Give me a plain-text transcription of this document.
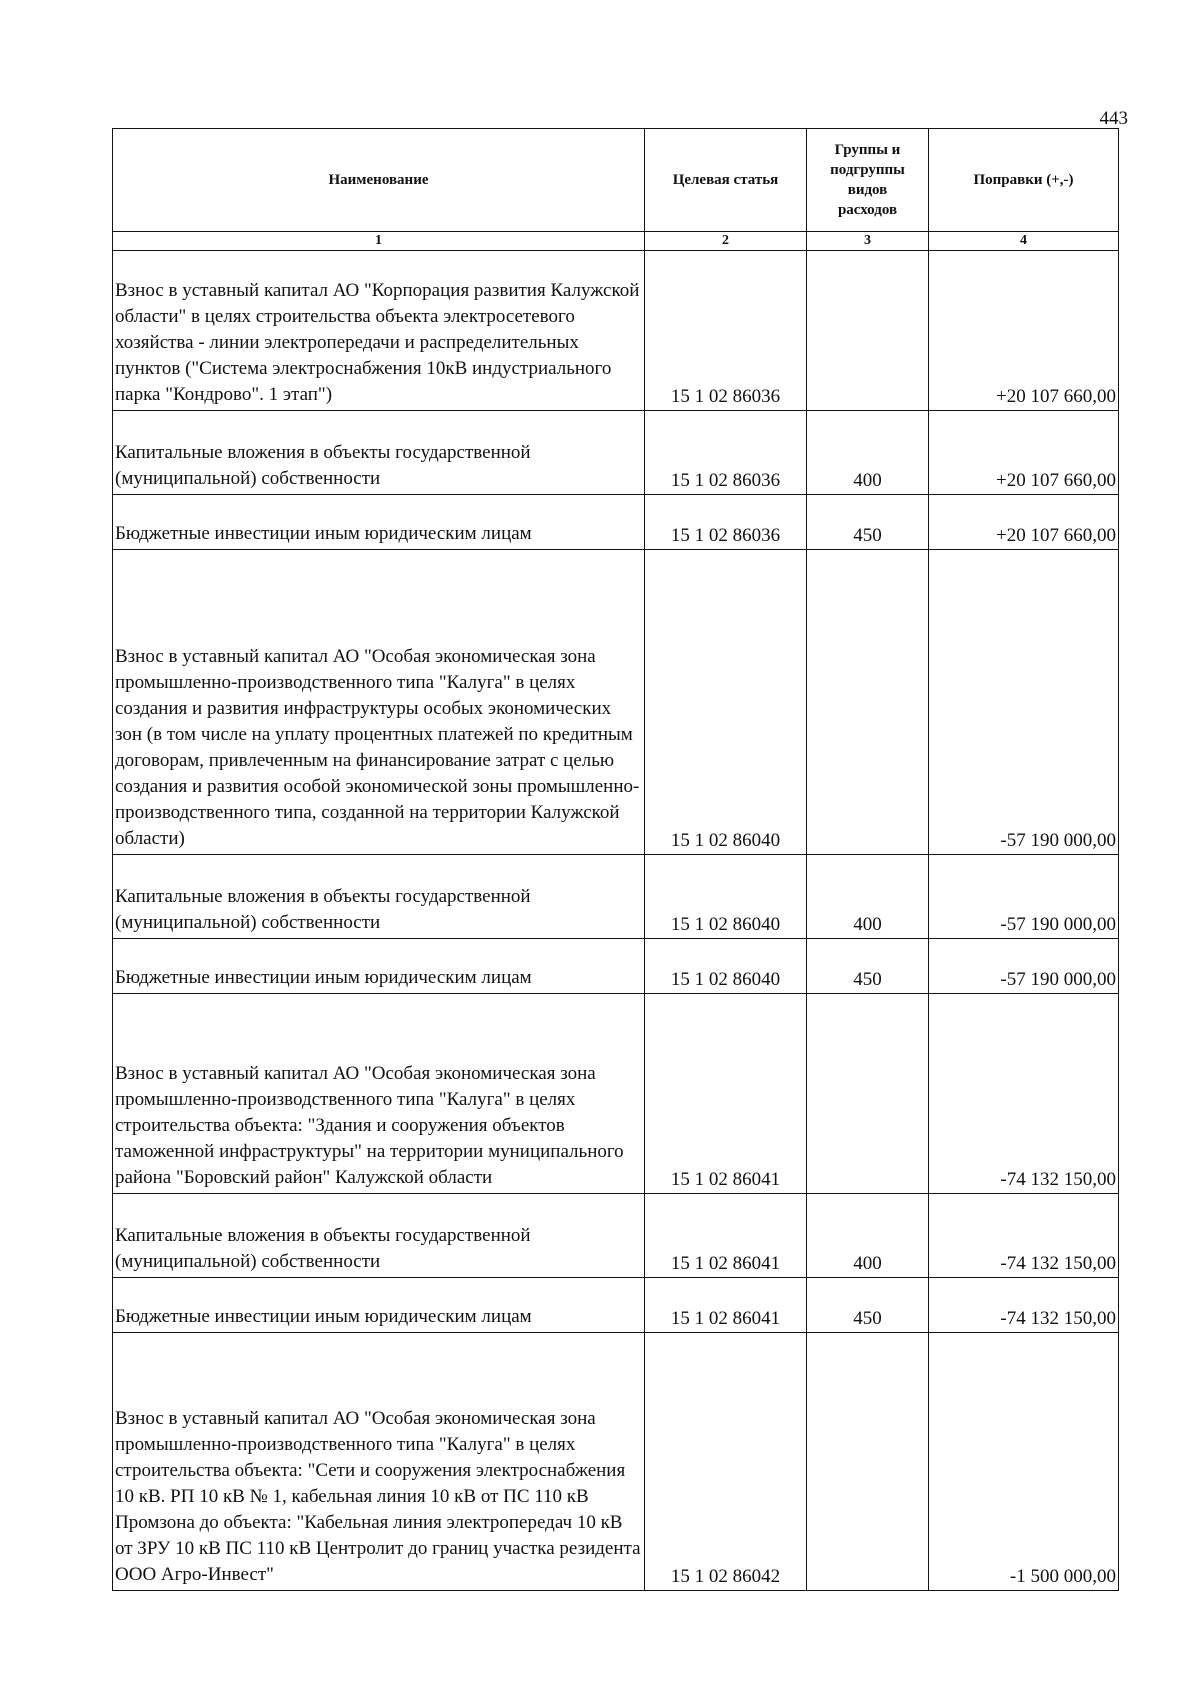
443
Наименование	Целевая статья	Группы и подгруппы видов расходов	Поправки (+,-)
1	2	3	4
Взнос в уставный капитал АО "Корпорация развития Калужской области" в целях строительства объекта электросетевого хозяйства - линии электропередачи и распределительных пунктов ("Система электроснабжения 10кВ индустриального парка "Кондрово". 1 этап")	15 1 02 86036		+20 107 660,00
Капитальные вложения в объекты государственной (муниципальной) собственности	15 1 02 86036	400	+20 107 660,00
Бюджетные инвестиции иным юридическим лицам	15 1 02 86036	450	+20 107 660,00
Взнос в уставный капитал АО "Особая экономическая зона промышленно-производственного типа "Калуга" в целях создания и развития инфраструктуры особых экономических зон (в том числе на уплату процентных платежей по кредитным договорам, привлеченным на финансирование затрат с целью создания и развития особой экономической зоны промышленно-производственного типа, созданной на территории Калужской области)	15 1 02 86040		-57 190 000,00
Капитальные вложения в объекты государственной (муниципальной) собственности	15 1 02 86040	400	-57 190 000,00
Бюджетные инвестиции иным юридическим лицам	15 1 02 86040	450	-57 190 000,00
Взнос в уставный капитал АО "Особая экономическая зона промышленно-производственного типа "Калуга" в целях строительства объекта: "Здания и сооружения объектов таможенной инфраструктуры" на территории муниципального района "Боровский район" Калужской области	15 1 02 86041		-74 132 150,00
Капитальные вложения в объекты государственной (муниципальной) собственности	15 1 02 86041	400	-74 132 150,00
Бюджетные инвестиции иным юридическим лицам	15 1 02 86041	450	-74 132 150,00
Взнос в уставный капитал АО "Особая экономическая зона промышленно-производственного типа "Калуга" в целях строительства объекта: "Сети и сооружения электроснабжения 10 кВ. РП 10 кВ № 1, кабельная линия 10 кВ от ПС 110 кВ Промзона до объекта: "Кабельная линия электропередач 10 кВ от ЗРУ 10 кВ ПС 110 кВ Центролит до границ участка резидента ООО Агро-Инвест"	15 1 02 86042		-1 500 000,00
